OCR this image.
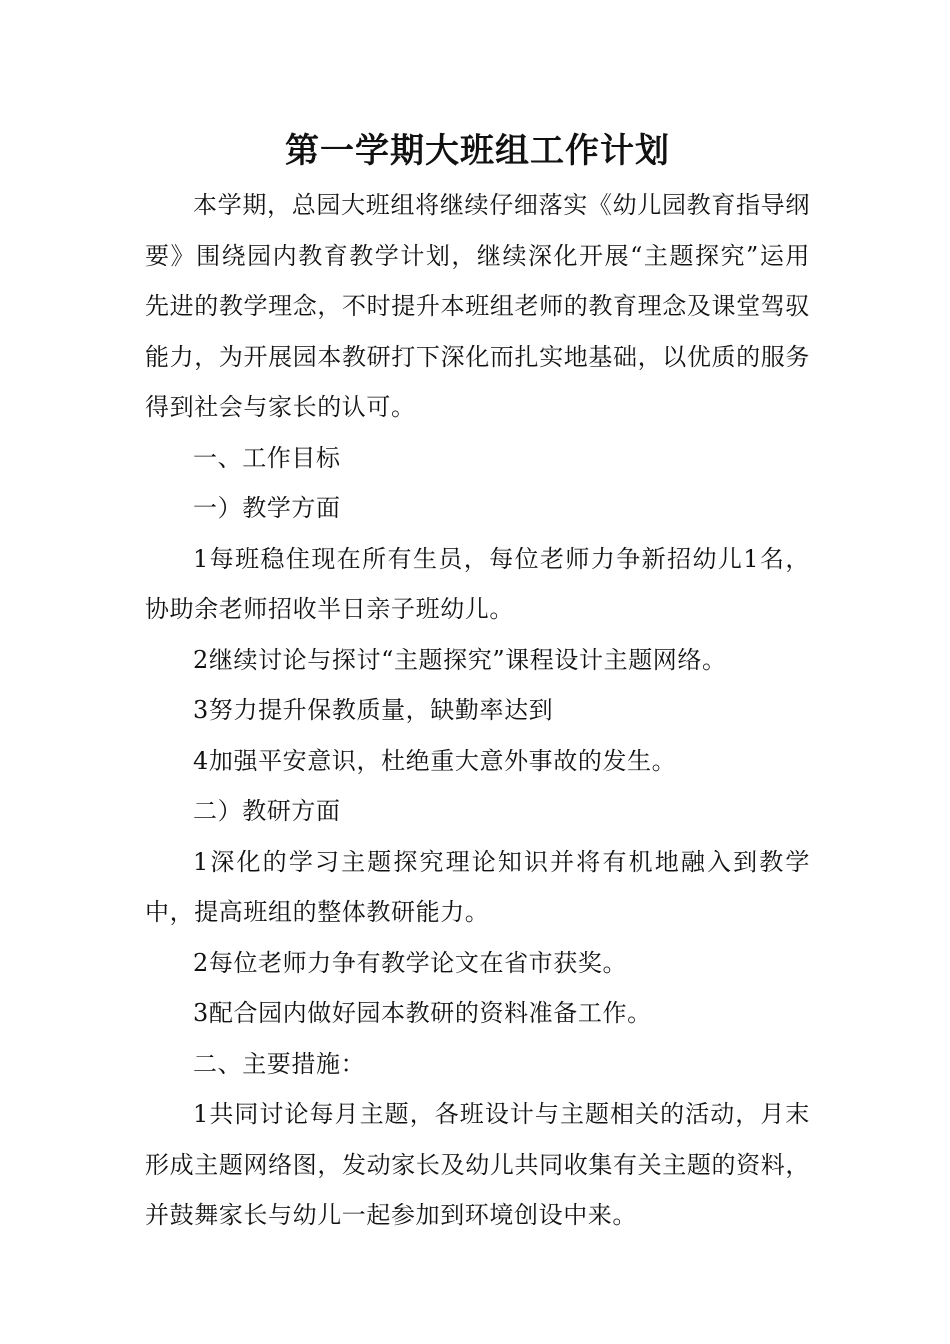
第一学期大班组工作计划

本学期，总园大班组将继续仔细落实《幼儿园教育指导纲要》围绕园内教育教学计划，继续深化开展“主题探究”运用先进的教学理念，不时提升本班组老师的教育理念及课堂驾驭能力，为开展园本教研打下深化而扎实地基础，以优质的服务得到社会与家长的认可。

一、工作目标

一）教学方面

1每班稳住现在所有生员，每位老师力争新招幼儿1名，协助余老师招收半日亲子班幼儿。

2继续讨论与探讨“主题探究”课程设计主题网络。

3努力提升保教质量，缺勤率达到

4加强平安意识，杜绝重大意外事故的发生。

二）教研方面

1深化的学习主题探究理论知识并将有机地融入到教学中，提高班组的整体教研能力。

2每位老师力争有教学论文在省市获奖。

3配合园内做好园本教研的资料准备工作。

二、主要措施：

1共同讨论每月主题，各班设计与主题相关的活动，月末形成主题网络图，发动家长及幼儿共同收集有关主题的资料，并鼓舞家长与幼儿一起参加到环境创设中来。
